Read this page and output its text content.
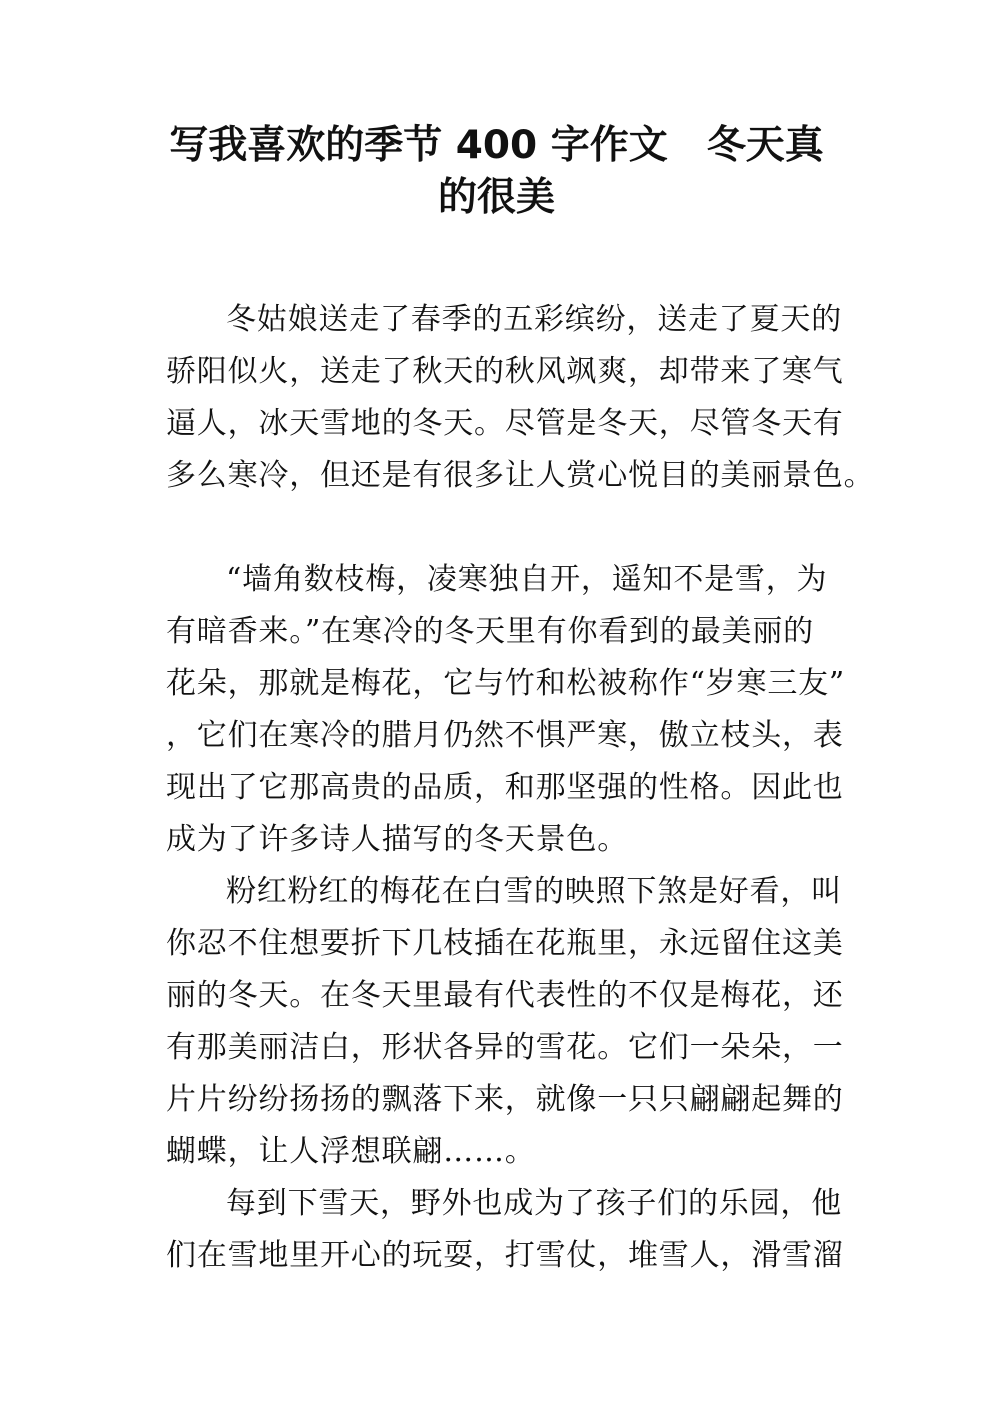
写我喜欢的季节 400 字作文　冬天真
的很美
冬姑娘送走了春季的五彩缤纷，送走了夏天的
骄阳似火，送走了秋天的秋风飒爽，却带来了寒气
逼人，冰天雪地的冬天。尽管是冬天，尽管冬天有
多么寒冷，但还是有很多让人赏心悦目的美丽景色。
“墙角数枝梅，凌寒独自开，遥知不是雪，为
有暗香来。”在寒冷的冬天里有你看到的最美丽的
花朵，那就是梅花，它与竹和松被称作“岁寒三友”
，它们在寒冷的腊月仍然不惧严寒，傲立枝头，表
现出了它那高贵的品质，和那坚强的性格。因此也
成为了许多诗人描写的冬天景色。
粉红粉红的梅花在白雪的映照下煞是好看，叫
你忍不住想要折下几枝插在花瓶里，永远留住这美
丽的冬天。在冬天里最有代表性的不仅是梅花，还
有那美丽洁白，形状各异的雪花。它们一朵朵，一
片片纷纷扬扬的飘落下来，就像一只只翩翩起舞的
蝴蝶，让人浮想联翩……。
每到下雪天，野外也成为了孩子们的乐园，他
们在雪地里开心的玩耍，打雪仗，堆雪人，滑雪溜
